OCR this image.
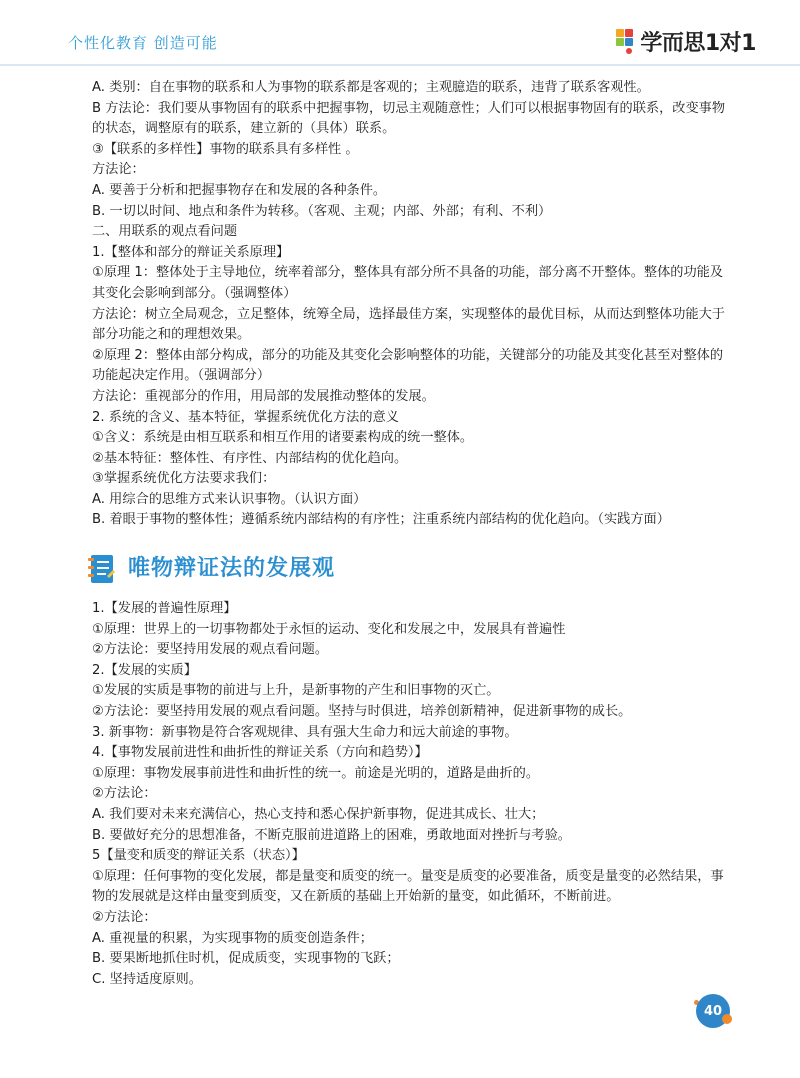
个性化教育 创造可能	学而思1对1

A. 类别：自在事物的联系和人为事物的联系都是客观的；主观臆造的联系，违背了联系客观性。

B 方法论：我们要从事物固有的联系中把握事物，切忌主观随意性；人们可以根据事物固有的联系，改变事物的状态，调整原有的联系，建立新的（具体）联系。

③【联系的多样性】事物的联系具有多样性 。

方法论：

A. 要善于分析和把握事物存在和发展的各种条件。

B. 一切以时间、地点和条件为转移。（客观、主观；内部、外部；有利、不利）

二、用联系的观点看问题

1.【整体和部分的辩证关系原理】

①原理 1：整体处于主导地位，统率着部分，整体具有部分所不具备的功能，部分离不开整体。整体的功能及其变化会影响到部分。（强调整体）

方法论：树立全局观念，立足整体，统筹全局，选择最佳方案，实现整体的最优目标，从而达到整体功能大于部分功能之和的理想效果。

②原理 2：整体由部分构成，部分的功能及其变化会影响整体的功能，关键部分的功能及其变化甚至对整体的功能起决定作用。（强调部分）

方法论：重视部分的作用，用局部的发展推动整体的发展。

2. 系统的含义、基本特征，掌握系统优化方法的意义

①含义：系统是由相互联系和相互作用的诸要素构成的统一整体。

②基本特征：整体性、有序性、内部结构的优化趋向。

③掌握系统优化方法要求我们：

A. 用综合的思维方式来认识事物。（认识方面）

B. 着眼于事物的整体性；遵循系统内部结构的有序性；注重系统内部结构的优化趋向。（实践方面）

唯物辩证法的发展观

1.【发展的普遍性原理】

①原理：世界上的一切事物都处于永恒的运动、变化和发展之中，发展具有普遍性

②方法论：要坚持用发展的观点看问题。

2.【发展的实质】

①发展的实质是事物的前进与上升，是新事物的产生和旧事物的灭亡。

②方法论：要坚持用发展的观点看问题。坚持与时俱进，培养创新精神，促进新事物的成长。

3. 新事物：新事物是符合客观规律、具有强大生命力和远大前途的事物。

4.【事物发展前进性和曲折性的辩证关系（方向和趋势）】

①原理：事物发展事前进性和曲折性的统一。前途是光明的，道路是曲折的。

②方法论：

A. 我们要对未来充满信心，热心支持和悉心保护新事物，促进其成长、壮大；

B. 要做好充分的思想准备，不断克服前进道路上的困难，勇敢地面对挫折与考验。

5【量变和质变的辩证关系（状态）】

①原理：任何事物的变化发展，都是量变和质变的统一。量变是质变的必要准备，质变是量变的必然结果，事物的发展就是这样由量变到质变，又在新质的基础上开始新的量变，如此循环，不断前进。

②方法论：

A. 重视量的积累，为实现事物的质变创造条件；

B. 要果断地抓住时机，促成质变，实现事物的飞跃；

C. 坚持适度原则。

40
